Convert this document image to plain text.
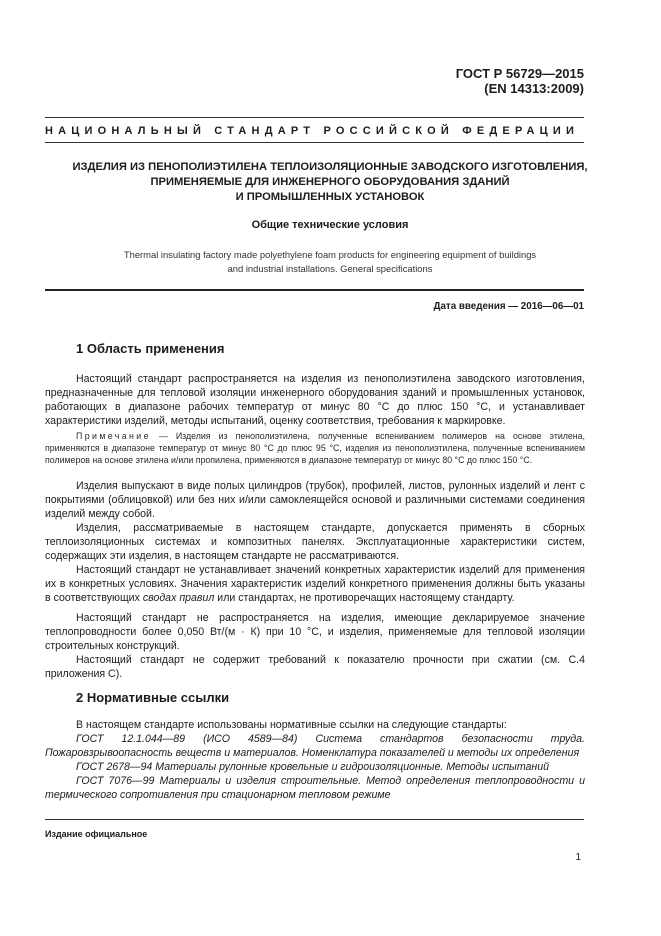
ГОСТ Р 56729—2015
(EN 14313:2009)
НАЦИОНАЛЬНЫЙ СТАНДАРТ РОССИЙСКОЙ ФЕДЕРАЦИИ
ИЗДЕЛИЯ ИЗ ПЕНОПОЛИЭТИЛЕНА ТЕПЛОИЗОЛЯЦИОННЫЕ ЗАВОДСКОГО ИЗГОТОВЛЕНИЯ,
ПРИМЕНЯЕМЫЕ ДЛЯ ИНЖЕНЕРНОГО ОБОРУДОВАНИЯ ЗДАНИЙ
И ПРОМЫШЛЕННЫХ УСТАНОВОК
Общие технические условия
Thermal insulating factory made polyethylene foam products for engineering equipment of buildings
and industrial installations. General specifications
Дата введения — 2016—06—01
1 Область применения
Настоящий стандарт распространяется на изделия из пенополиэтилена заводского изготовления, предназначенные для тепловой изоляции инженерного оборудования зданий и промышленных установок, работающих в диапазоне рабочих температур от минус 80 °С до плюс 150 °С, и устанавливает характеристики изделий, методы испытаний, оценку соответствия, требования к маркировке.
Примечание — Изделия из пенополиэтилена, полученные вспениванием полимеров на основе этилена, применяются в диапазоне температур от минус 80 °С до плюс 95 °С, изделия из пенополиэтилена, полученные вспениванием полимеров на основе этилена и/или пропилена, применяются в диапазоне температур от минус 80 °С до плюс 150 °С.
Изделия выпускают в виде полых цилиндров (трубок), профилей, листов, рулонных изделий и лент с покрытиями (облицовкой) или без них и/или самоклеящейся основой и различными системами соединения изделий между собой.
Изделия, рассматриваемые в настоящем стандарте, допускается применять в сборных теплоизоляционных системах и композитных панелях. Эксплуатационные характеристики систем, содержащих эти изделия, в настоящем стандарте не рассматриваются.
Настоящий стандарт не устанавливает значений конкретных характеристик изделий для применения их в конкретных условиях. Значения характеристик изделий конкретного применения должны быть указаны в соответствующих сводах правил или стандартах, не противоречащих настоящему стандарту.
Настоящий стандарт не распространяется на изделия, имеющие декларируемое значение теплопроводности более 0,050 Вт/(м · К) при 10 °С, и изделия, применяемые для тепловой изоляции строительных конструкций.
Настоящий стандарт не содержит требований к показателю прочности при сжатии (см. С.4 приложения С).
2 Нормативные ссылки
В настоящем стандарте использованы нормативные ссылки на следующие стандарты:
ГОСТ 12.1.044—89 (ИСО 4589—84) Система стандартов безопасности труда. Пожаровзрывоопасность веществ и материалов. Номенклатура показателей и методы их определения
ГОСТ 2678—94 Материалы рулонные кровельные и гидроизоляционные. Методы испытаний
ГОСТ 7076—99 Материалы и изделия строительные. Метод определения теплопроводности и термического сопротивления при стационарном тепловом режиме
Издание официальное
1
